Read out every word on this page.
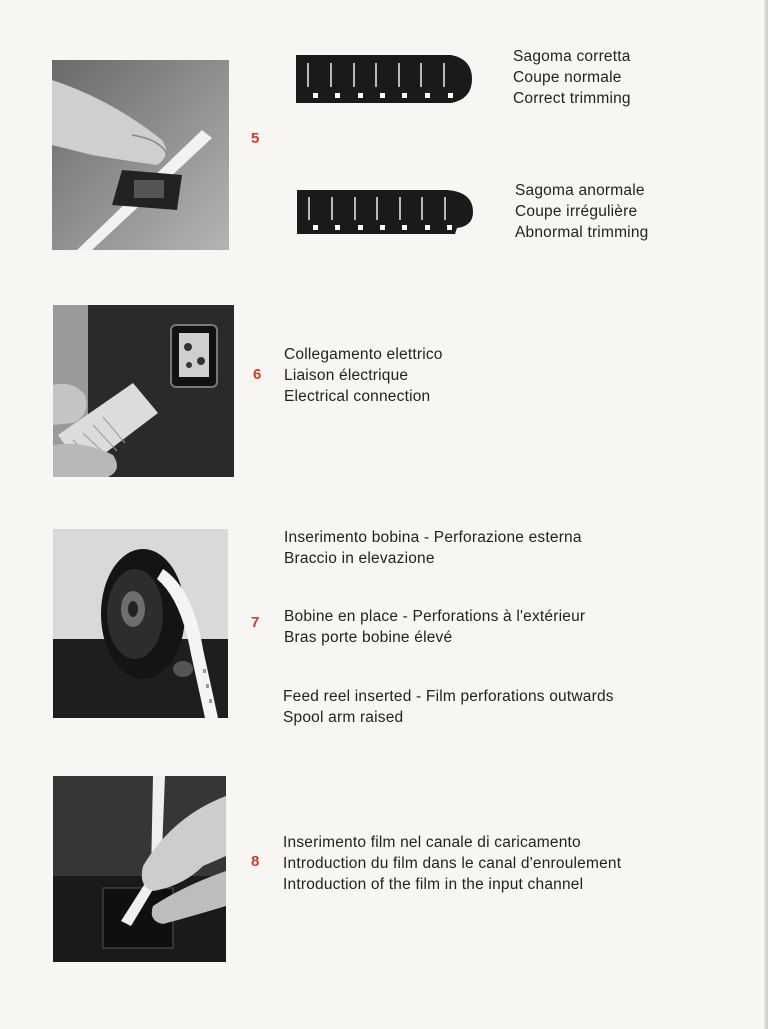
5
Sagoma corretta
Coupe normale
Correct trimming
Sagoma anormale
Coupe irrégulière
Abnormal trimming
6
Collegamento elettrico
Liaison électrique
Electrical connection
7
Inserimento bobina - Perforazione esterna
Braccio in elevazione
Bobine en place - Perforations à l'extérieur
Bras porte bobine élevé
Feed reel inserted - Film perforations outwards
Spool arm raised
8
Inserimento film nel canale di caricamento
Introduction du film dans le canal d'enroulement
Introduction of the film in the input channel
